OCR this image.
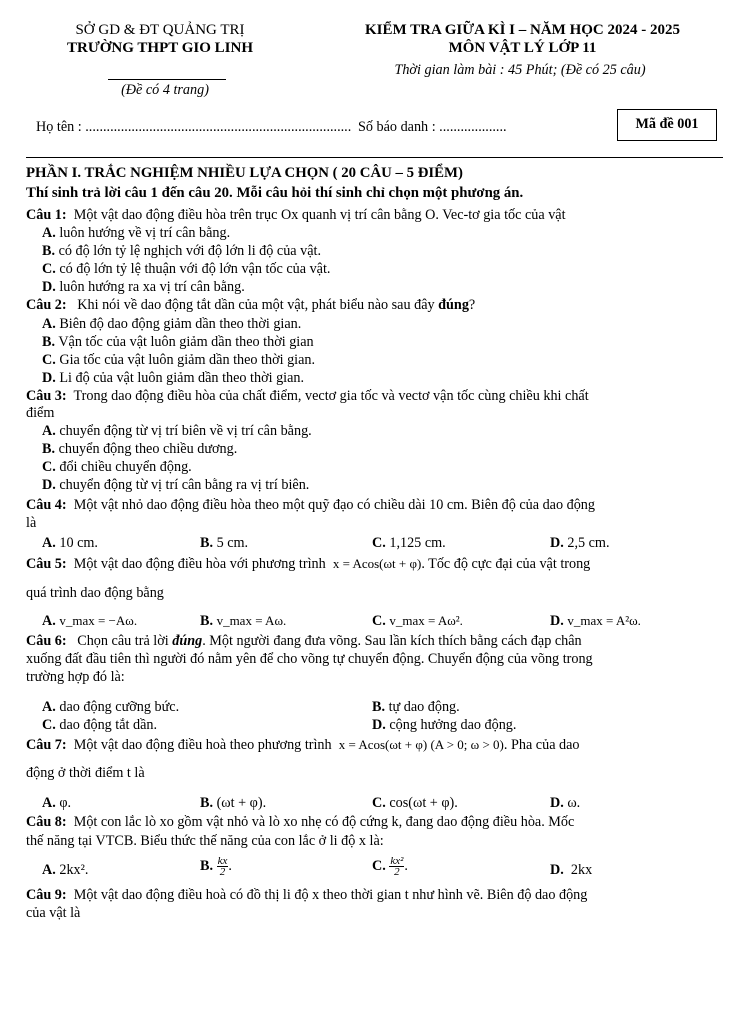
SỞ GD & ĐT QUẢNG TRỊ
TRƯỜNG THPT GIO LINH
(Đề có 4 trang)
KIỂM TRA GIỮA KÌ I – NĂM HỌC 2024 - 2025
MÔN VẬT LÝ LỚP 11
Thời gian làm bài : 45 Phút; (Đề có 25 câu)
Họ tên : ........................................................................... Số báo danh : ...................	Mã đề 001
PHẦN I. TRẮC NGHIỆM NHIỀU LỰA CHỌN ( 20 CÂU – 5 ĐIỂM)
Thí sinh trả lời câu 1 đến câu 20. Mỗi câu hỏi thí sinh chỉ chọn một phương án.
Câu 1: Một vật dao động điều hòa trên trục Ox quanh vị trí cân bằng O. Vec-tơ gia tốc của vật
A. luôn hướng về vị trí cân bằng.
B. có độ lớn tỷ lệ nghịch với độ lớn li độ của vật.
C. có độ lớn tỷ lệ thuận với độ lớn vận tốc của vật.
D. luôn hướng ra xa vị trí cân bằng.
Câu 2: Khi nói về dao động tắt dần của một vật, phát biểu nào sau đây đúng?
A. Biên độ dao động giảm dần theo thời gian.
B. Vận tốc của vật luôn giảm dần theo thời gian
C. Gia tốc của vật luôn giảm dần theo thời gian.
D. Li độ của vật luôn giảm dần theo thời gian.
Câu 3: Trong dao động điều hòa của chất điểm, vectơ gia tốc và vectơ vận tốc cùng chiều khi chất
điểm
A. chuyển động từ vị trí biên về vị trí cân bằng.
B. chuyển động theo chiều dương.
C. đổi chiều chuyển động.
D. chuyển động từ vị trí cân bằng ra vị trí biên.
Câu 4: Một vật nhỏ dao động điều hòa theo một quỹ đạo có chiều dài 10 cm. Biên độ của dao động
là
A. 10 cm.	B. 5 cm.	C. 1,125 cm.	D. 2,5 cm.
Câu 5: Một vật dao động điều hòa với phương trình x = Acos(ωt + φ). Tốc độ cực đại của vật trong
quá trình dao động bằng
A. v_max = −Aω.	B. v_max = Aω.	C. v_max = Aω².	D. v_max = A²ω.
Câu 6: Chọn câu trả lời đúng. Một người đang đưa võng. Sau lần kích thích bằng cách đạp chân
xuống đất đầu tiên thì người đó nằm yên để cho võng tự chuyển động. Chuyển động của võng trong
trường hợp đó là:
A. dao động cưỡng bức.	B. tự dao động.
C. dao động tắt dần.	D. cộng hưởng dao động.
Câu 7: Một vật dao động điều hoà theo phương trình x = Acos(ωt + φ) (A > 0; ω > 0). Pha của dao
động ở thời điểm t là
A. φ.	B. (ωt + φ).	C. cos(ωt + φ).	D. ω.
Câu 8: Một con lắc lò xo gồm vật nhỏ và lò xo nhẹ có độ cứng k, đang dao động điều hòa. Mốc
thế năng tại VTCB. Biểu thức thế năng của con lắc ở li độ x là:
A. 2kx².	B. $\frac{kx}{2}$ .	C. $\frac{\text{kx²}}{2}$ .	D. 2kx
Câu 9: Một vật dao động điều hoà có đồ thị li độ x theo thời gian t như hình vẽ. Biên độ dao động
của vật là
